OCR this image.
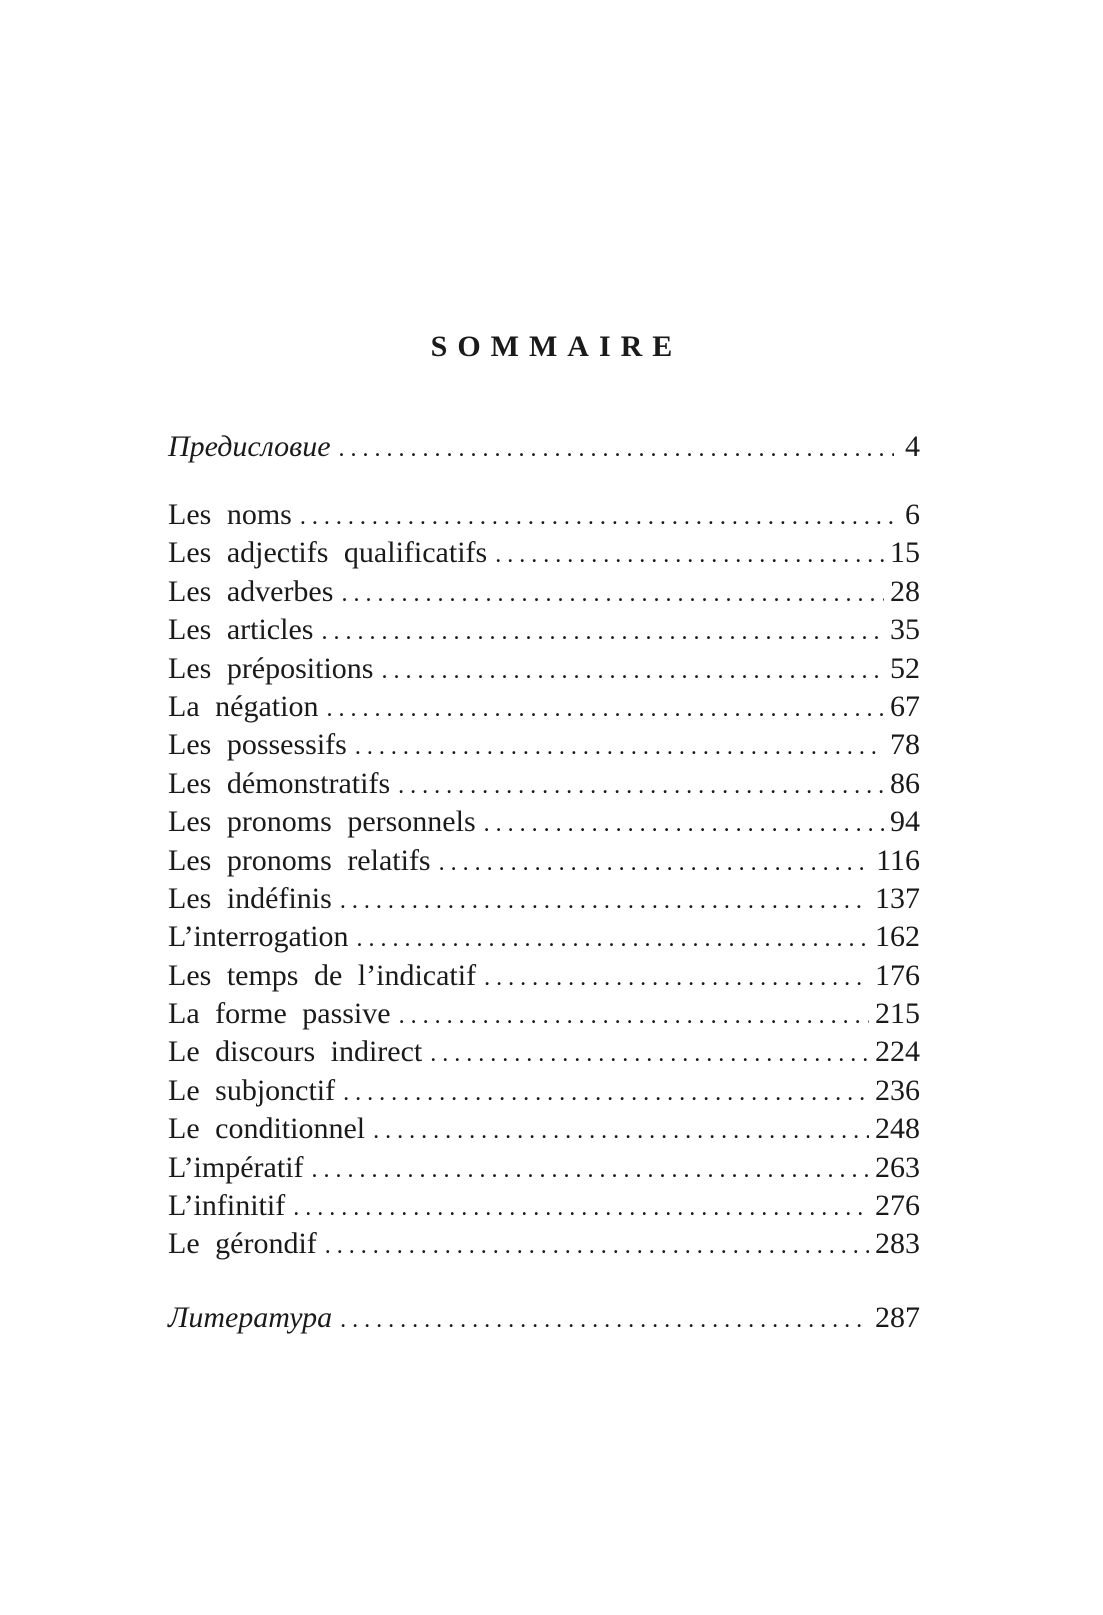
SOMMAIRE
Предисловие . . .	4
Les noms . . .	6
Les adjectifs qualificatifs . . .	15
Les adverbes . . .	28
Les articles . . .	35
Les prépositions . . .	52
La négation . . .	67
Les possessifs . . .	78
Les démonstratifs . . .	86
Les pronoms personnels . . .	94
Les pronoms relatifs . . .	116
Les indéfinis . . .	137
L’interrogation . . .	162
Les temps de l’indicatif . . .	176
La forme passive . . .	215
Le discours indirect . . .	224
Le subjonctif . . .	236
Le conditionnel . . .	248
L’impératif . . .	263
L’infinitif . . .	276
Le gérondif . . .	283
Литература . . .	287
